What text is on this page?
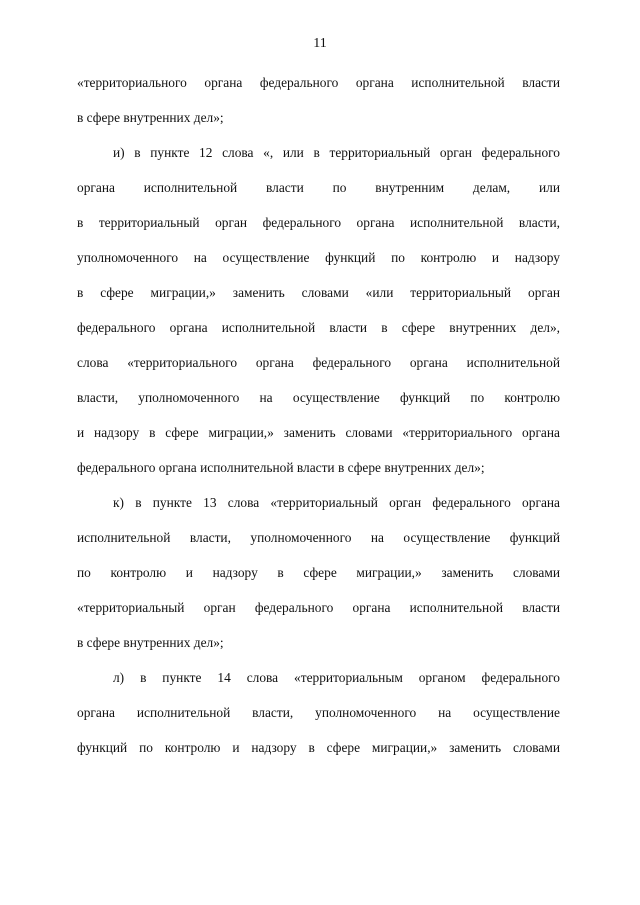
11
«территориального органа федерального органа исполнительной власти
в сфере внутренних дел»;
и) в пункте 12 слова «, или в территориальный орган федерального
органа исполнительной власти по внутренним делам, или
в территориальный орган федерального органа исполнительной власти,
уполномоченного на осуществление функций по контролю и надзору
в сфере миграции,» заменить словами «или территориальный орган
федерального органа исполнительной власти в сфере внутренних дел»,
слова «территориального органа федерального органа исполнительной
власти, уполномоченного на осуществление функций по контролю
и надзору в сфере миграции,» заменить словами «территориального органа
федерального органа исполнительной власти в сфере внутренних дел»;
к) в пункте 13 слова «территориальный орган федерального органа
исполнительной власти, уполномоченного на осуществление функций
по контролю и надзору в сфере миграции,» заменить словами
«территориальный орган федерального органа исполнительной власти
в сфере внутренних дел»;
л) в пункте 14 слова «территориальным органом федерального
органа исполнительной власти, уполномоченного на осуществление
функций по контролю и надзору в сфере миграции,» заменить словами
